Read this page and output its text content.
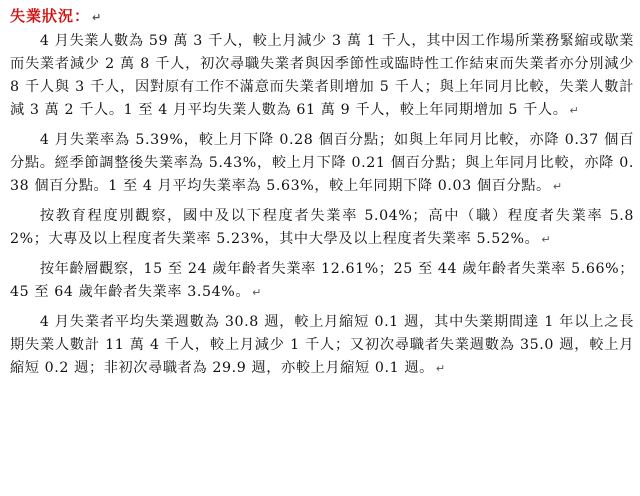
失業狀況： ↵

4 月失業人數為 59 萬 3 千人，較上月減少 3 萬 1 千人，其中因工作場所業務緊縮或歇業而失業者減少 2 萬 8 千人，初次尋職失業者與因季節性或臨時性工作結束而失業者亦分別減少 8 千人與 3 千人，因對原有工作不滿意而失業者則增加 5 千人；與上年同月比較，失業人數計減 3 萬 2 千人。1 至 4 月平均失業人數為 61 萬 9 千人，較上年同期增加 5 千人。 ↵

4 月失業率為 5.39%，較上月下降 0.28 個百分點；如與上年同月比較，亦降 0.37 個百分點。經季節調整後失業率為 5.43%，較上月下降 0.21 個百分點；與上年同月比較，亦降 0.38 個百分點。1 至 4 月平均失業率為 5.63%，較上年同期下降 0.03 個百分點。 ↵

按教育程度別觀察，國中及以下程度者失業率 5.04%；高中（職）程度者失業率 5.82%；大專及以上程度者失業率 5.23%，其中大學及以上程度者失業率 5.52%。 ↵

按年齡層觀察，15 至 24 歲年齡者失業率 12.61%；25 至 44 歲年齡者失業率 5.66%；45 至 64 歲年齡者失業率 3.54%。 ↵

4 月失業者平均失業週數為 30.8 週，較上月縮短 0.1 週，其中失業期間達 1 年以上之長期失業人數計 11 萬 4 千人，較上月減少 1 千人；又初次尋職者失業週數為 35.0 週，較上月縮短 0.2 週；非初次尋職者為 29.9 週，亦較上月縮短 0.1 週。 ↵
